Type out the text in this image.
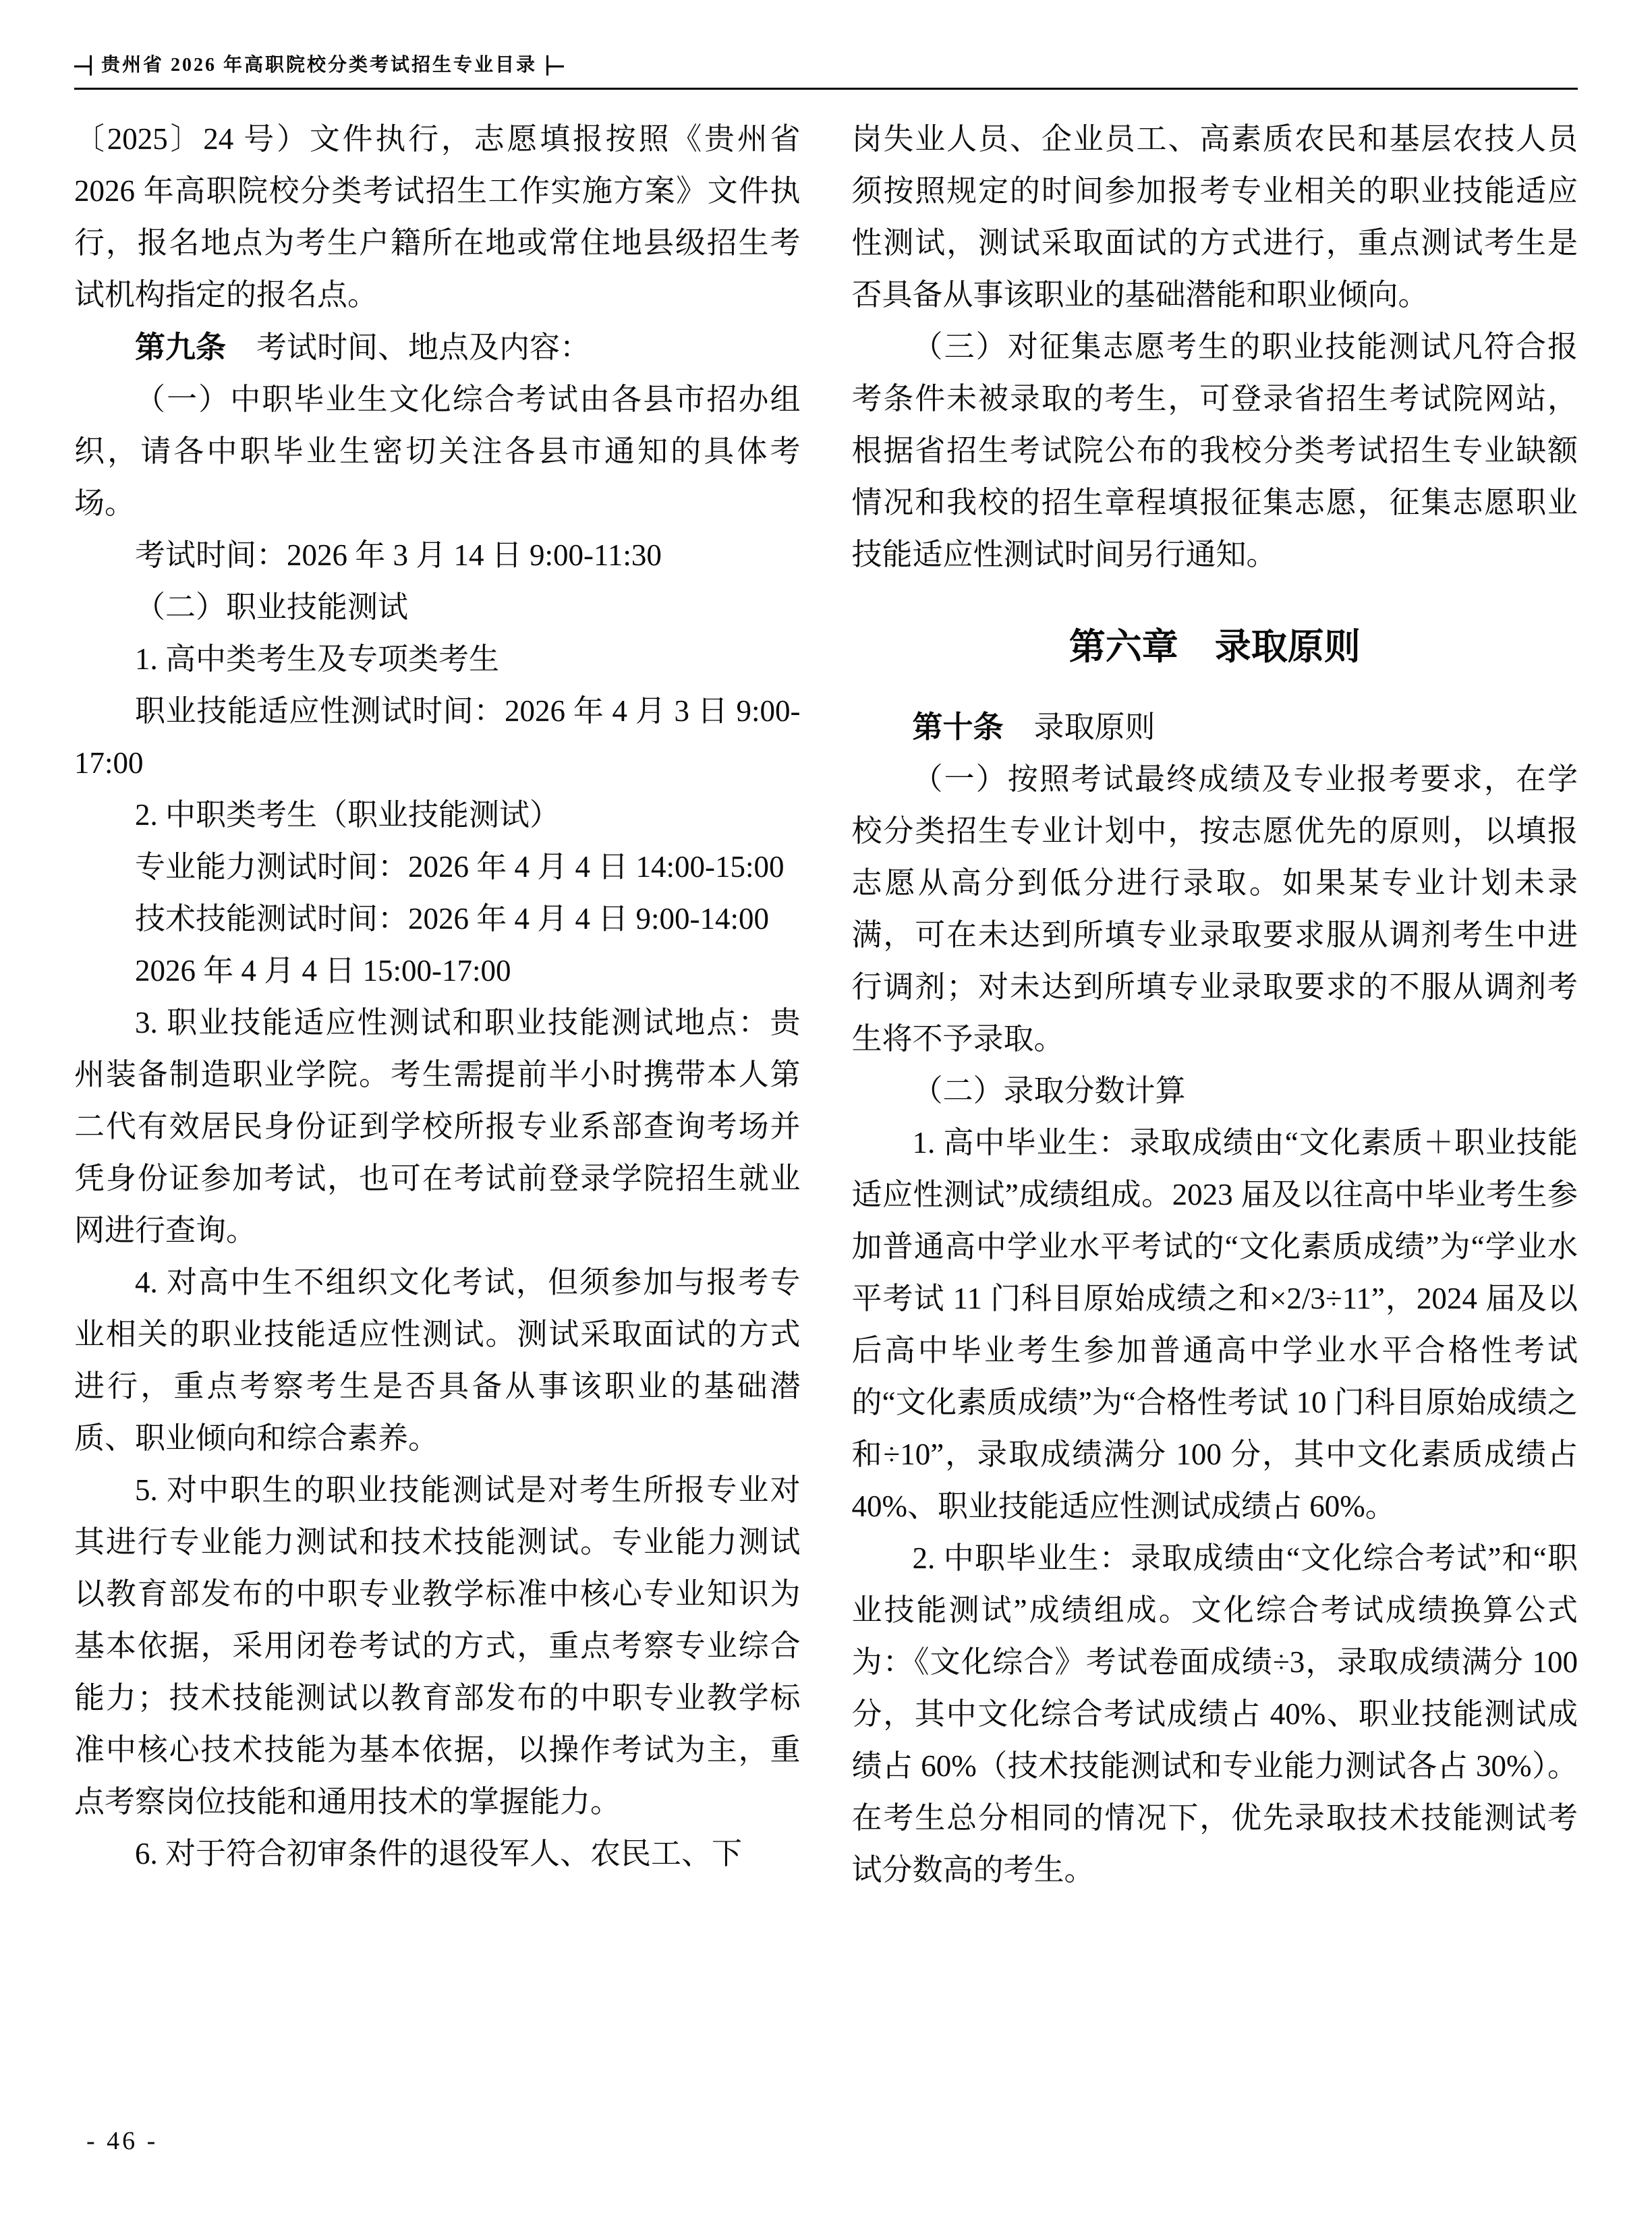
贵州省 2026 年高职院校分类考试招生专业目录

〔2025〕24 号）文件执行，志愿填报按照《贵州省 2026 年高职院校分类考试招生工作实施方案》文件执行，报名地点为考生户籍所在地或常住地县级招生考试机构指定的报名点。

第九条　考试时间、地点及内容：

（一）中职毕业生文化综合考试由各县市招办组织，请各中职毕业生密切关注各县市通知的具体考场。

考试时间：2026 年 3 月 14 日 9:00-11:30

（二）职业技能测试

1. 高中类考生及专项类考生

职业技能适应性测试时间：2026 年 4 月 3 日 9:00-17:00

2. 中职类考生（职业技能测试）

专业能力测试时间：2026 年 4 月 4 日 14:00-15:00

技术技能测试时间：2026 年 4 月 4 日 9:00-14:00

2026 年 4 月 4 日 15:00-17:00

3. 职业技能适应性测试和职业技能测试地点：贵州装备制造职业学院。考生需提前半小时携带本人第二代有效居民身份证到学校所报专业系部查询考场并凭身份证参加考试，也可在考试前登录学院招生就业网进行查询。

4. 对高中生不组织文化考试，但须参加与报考专业相关的职业技能适应性测试。测试采取面试的方式进行，重点考察考生是否具备从事该职业的基础潜质、职业倾向和综合素养。

5. 对中职生的职业技能测试是对考生所报专业对其进行专业能力测试和技术技能测试。专业能力测试以教育部发布的中职专业教学标准中核心专业知识为基本依据，采用闭卷考试的方式，重点考察专业综合能力；技术技能测试以教育部发布的中职专业教学标准中核心技术技能为基本依据，以操作考试为主，重点考察岗位技能和通用技术的掌握能力。

6. 对于符合初审条件的退役军人、农民工、下

岗失业人员、企业员工、高素质农民和基层农技人员须按照规定的时间参加报考专业相关的职业技能适应性测试，测试采取面试的方式进行，重点测试考生是否具备从事该职业的基础潜能和职业倾向。

（三）对征集志愿考生的职业技能测试凡符合报考条件未被录取的考生，可登录省招生考试院网站，根据省招生考试院公布的我校分类考试招生专业缺额情况和我校的招生章程填报征集志愿，征集志愿职业技能适应性测试时间另行通知。

第六章　录取原则

第十条　录取原则

（一）按照考试最终成绩及专业报考要求，在学校分类招生专业计划中，按志愿优先的原则，以填报志愿从高分到低分进行录取。如果某专业计划未录满，可在未达到所填专业录取要求服从调剂考生中进行调剂；对未达到所填专业录取要求的不服从调剂考生将不予录取。

（二）录取分数计算

1. 高中毕业生：录取成绩由“文化素质＋职业技能适应性测试”成绩组成。2023 届及以往高中毕业考生参加普通高中学业水平考试的“文化素质成绩”为“学业水平考试 11 门科目原始成绩之和×2/3÷11”，2024 届及以后高中毕业考生参加普通高中学业水平合格性考试的“文化素质成绩”为“合格性考试 10 门科目原始成绩之和÷10”，录取成绩满分 100 分，其中文化素质成绩占 40%、职业技能适应性测试成绩占 60%。

2. 中职毕业生：录取成绩由“文化综合考试”和“职业技能测试”成绩组成。文化综合考试成绩换算公式为：《文化综合》考试卷面成绩÷3，录取成绩满分 100 分，其中文化综合考试成绩占 40%、职业技能测试成绩占 60%（技术技能测试和专业能力测试各占 30%）。在考生总分相同的情况下，优先录取技术技能测试考试分数高的考生。

- 46 -
